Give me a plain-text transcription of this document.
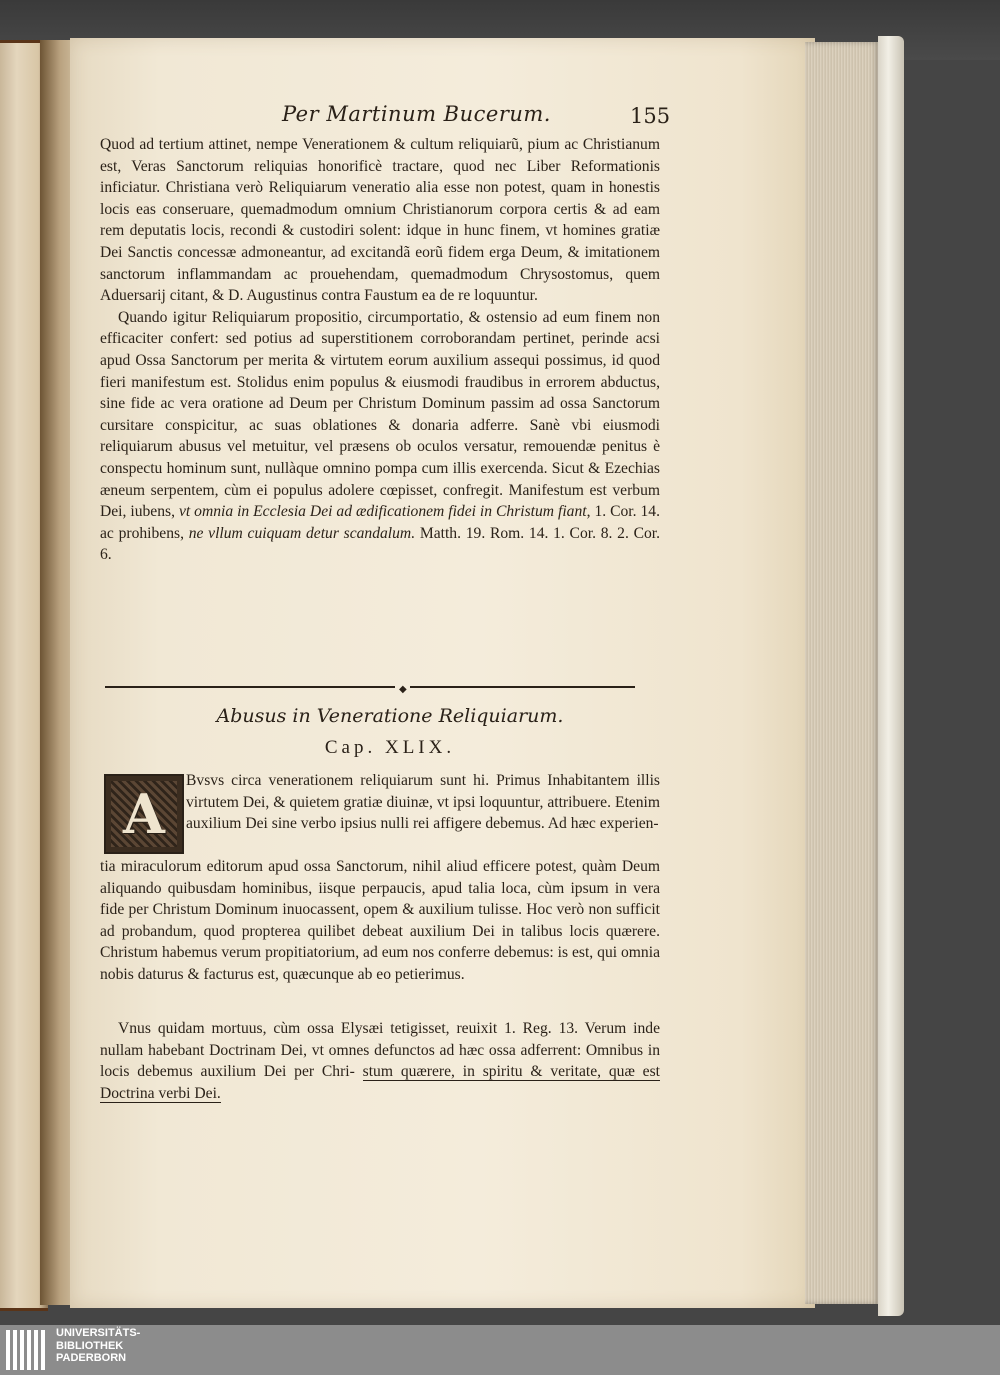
Per Martinum Bucerum.	155

Quod ad tertium attinet, nempe Venerationem & cultum reliquiarũ, pium ac Christianum est, Veras Sanctorum reliquias honorificè tractare, quod nec Liber Reformationis inficiatur. Christiana verò Reliquiarum veneratio alia esse non potest, quam in honestis locis eas conseruare, quemadmodum omnium Christianorum corpora certis & ad eam rem deputatis locis, recondi & custodiri solent: idque in hunc finem, vt homines gratiæ Dei Sanctis concessæ admoneantur, ad excitandã eorũ fidem erga Deum, & imitationem sanctorum inflammandam ac prouehendam, quemadmodum Chrysostomus, quem Aduersarij citant, & D. Augustinus contra Faustum ea de re loquuntur.

Quando igitur Reliquiarum propositio, circumportatio, & ostensio ad eum finem non efficaciter confert: sed potius ad superstitionem corroborandam pertinet, perinde acsi apud Ossa Sanctorum per merita & virtutem eorum auxilium assequi possimus, id quod fieri manifestum est. Stolidus enim populus & eiusmodi fraudibus in errorem abductus, sine fide ac vera oratione ad Deum per Christum Dominum passim ad ossa Sanctorum cursitare conspicitur, ac suas oblationes & donaria adferre. Sanè vbi eiusmodi reliquiarum abusus vel metuitur, vel præsens ob oculos versatur, remouendæ penitus è conspectu hominum sunt, nullàque omnino pompa cum illis exercenda. Sicut & Ezechias æneum serpentem, cùm ei populus adolere cœpisset, confregit. Manifestum est verbum Dei, iubens, vt omnia in Ecclesia Dei ad ædificationem fidei in Christum fiant, 1. Cor. 14. ac prohibens, ne vllum cuiquam detur scandalum. Matth. 19. Rom. 14. 1. Cor. 8. 2. Cor. 6.

◆
Abusus in Veneratione Reliquiarum.
Cap. XLIX.
A
Bvsvs circa venerationem reliquiarum sunt hi. Primus Inhabitantem illis virtutem Dei, & quietem gratiæ diuinæ, vt ipsi loquuntur, attribuere. Etenim auxilium Dei sine verbo ipsius nulli rei affigere debemus. Ad hæc experien-

tia miraculorum editorum apud ossa Sanctorum, nihil aliud efficere potest, quàm Deum aliquando quibusdam hominibus, iisque perpaucis, apud talia loca, cùm ipsum in vera fide per Christum Dominum inuocassent, opem & auxilium tulisse. Hoc verò non sufficit ad probandum, quod propterea quilibet debeat auxilium Dei in talibus locis quærere. Christum habemus verum propitiatorium, ad eum nos conferre debemus: is est, qui omnia nobis daturus & facturus est, quæcunque ab eo petierimus.

Vnus quidam mortuus, cùm ossa Elysæi tetigisset, reuixit 1. Reg. 13. Verum inde nullam habebant Doctrinam Dei, vt omnes defunctos ad hæc ossa adferrent: Omnibus in locis debemus auxilium Dei per Chri- stum quærere, in spiritu & veritate, quæ est Doctrina verbi Dei.

UNIVERSITÄTS-
BIBLIOTHEK
PADERBORN
